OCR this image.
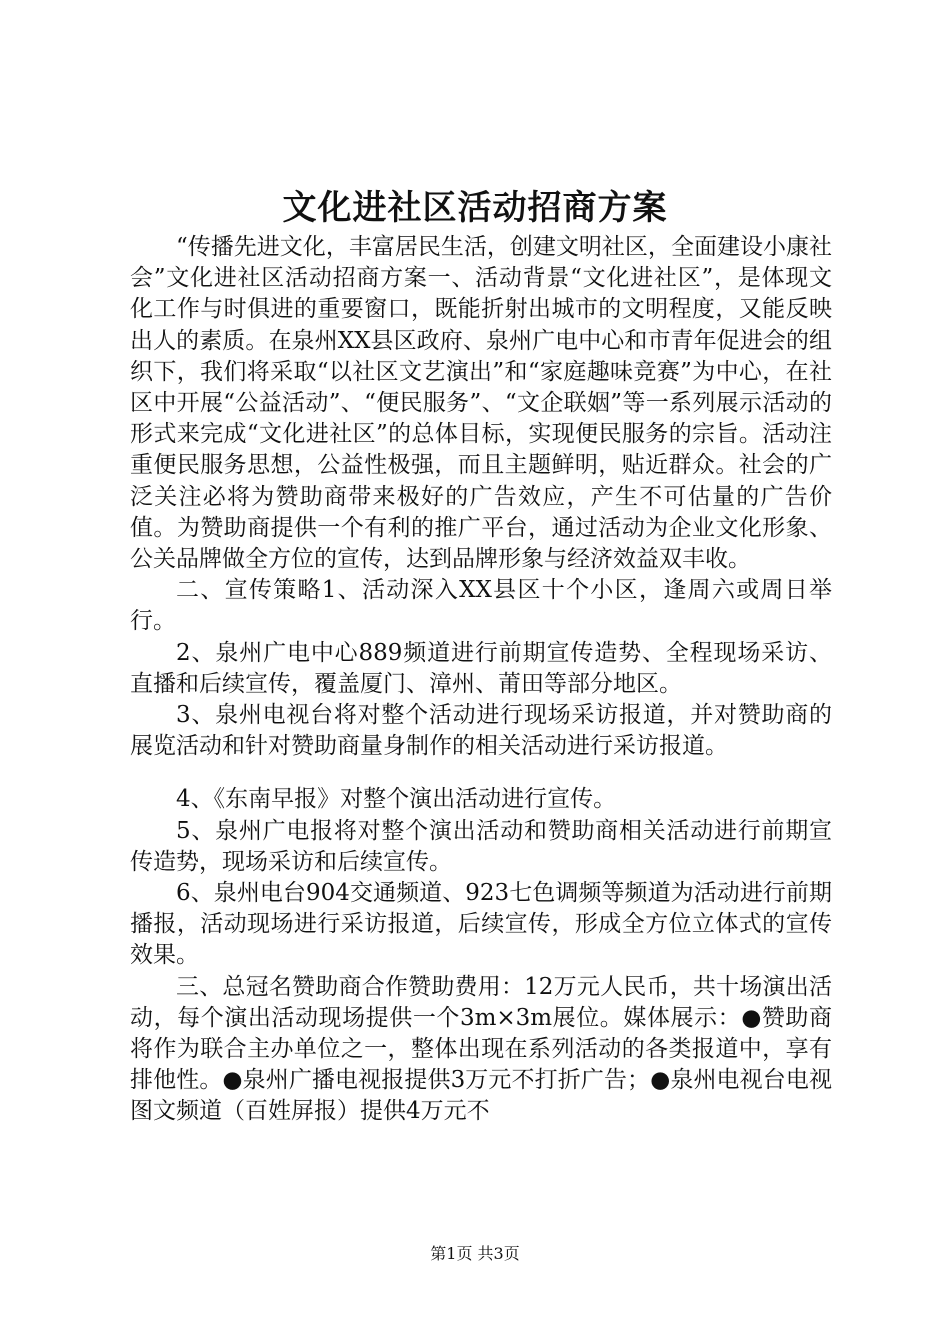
文化进社区活动招商方案

“传播先进文化，丰富居民生活，创建文明社区，全面建设小康社会”文化进社区活动招商方案一、活动背景“文化进社区”，是体现文化工作与时俱进的重要窗口，既能折射出城市的文明程度，又能反映出人的素质。在泉州XX县区政府、泉州广电中心和市青年促进会的组织下，我们将采取“以社区文艺演出”和“家庭趣味竞赛”为中心，在社区中开展“公益活动”、“便民服务”、“文企联姻”等一系列展示活动的形式来完成“文化进社区”的总体目标，实现便民服务的宗旨。活动注重便民服务思想，公益性极强，而且主题鲜明，贴近群众。社会的广泛关注必将为赞助商带来极好的广告效应，产生不可估量的广告价值。为赞助商提供一个有利的推广平台，通过活动为企业文化形象、公关品牌做全方位的宣传，达到品牌形象与经济效益双丰收。

二、宣传策略1、活动深入XX县区十个小区，逢周六或周日举行。

2、泉州广电中心889频道进行前期宣传造势、全程现场采访、直播和后续宣传，覆盖厦门、漳州、莆田等部分地区。

3、泉州电视台将对整个活动进行现场采访报道，并对赞助商的展览活动和针对赞助商量身制作的相关活动进行采访报道。

4、《东南早报》对整个演出活动进行宣传。

5、泉州广电报将对整个演出活动和赞助商相关活动进行前期宣传造势，现场采访和后续宣传。

6、泉州电台904交通频道、923七色调频等频道为活动进行前期播报，活动现场进行采访报道，后续宣传，形成全方位立体式的宣传效果。

三、总冠名赞助商合作赞助费用：12万元人民币，共十场演出活动，每个演出活动现场提供一个3m×3m展位。媒体展示：●赞助商将作为联合主办单位之一，整体出现在系列活动的各类报道中，享有排他性。●泉州广播电视报提供3万元不打折广告；●泉州电视台电视图文频道（百姓屏报）提供4万元不

第1页 共3页
